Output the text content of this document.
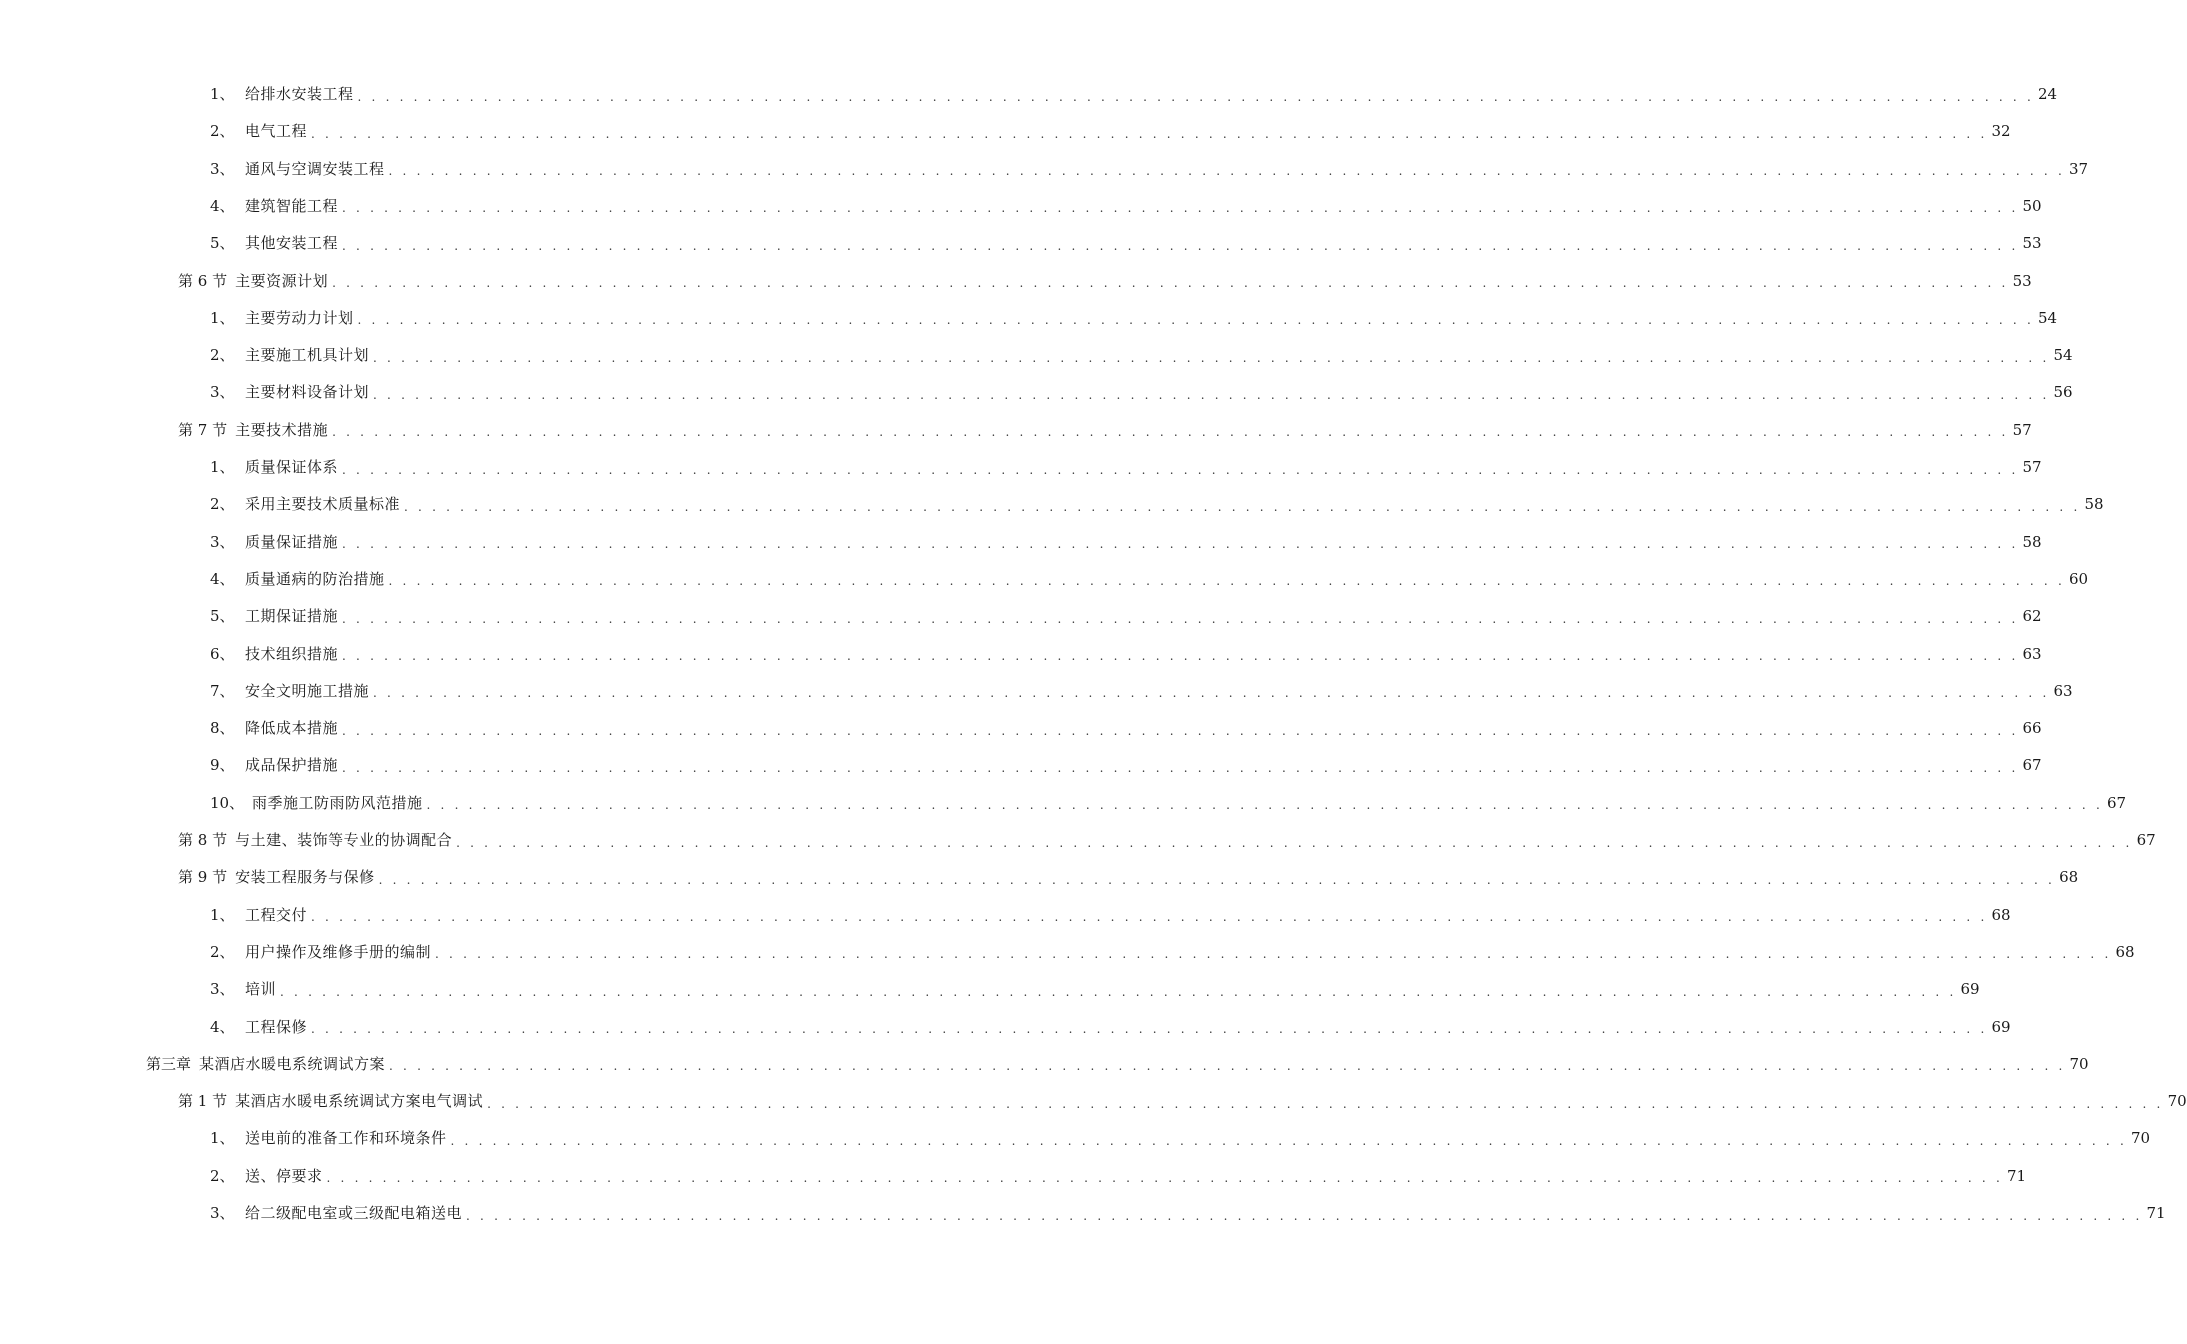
1、 给排水安装工程 . . . . . . . . . . . . . . . . . . . . . . . . . . . . . . . . . . . . . . . . . . . . . . . . . . . . . . . . . . . . . . . . . . . . . . . . . . . . . . . . . . . . . . . . . . . . . . . . . . . . . . . . . . . . . . . . . . . . . . . . 24
2、 电气工程 . . . . . . . . . . . . . . . . . . . . . . . . . . . . . . . . . . . . . . . . . . . . . . . . . . . . . . . . . . . . . . . . . . . . . . . . . . . . . . . . . . . . . . . . . . . . . . . . . . . . . . . . . . . . . . . . . . . . . . . . 32
3、 通风与空调安装工程 . . . . . . . . . . . . . . . . . . . . . . . . . . . . . . . . . . . . . . . . . . . . . . . . . . . . . . . . . . . . . . . . . . . . . . . . . . . . . . . . . . . . . . . . . . . . . . . . . . . . . . . . . . . . . . . . . . . . . . . . 37
4、 建筑智能工程 . . . . . . . . . . . . . . . . . . . . . . . . . . . . . . . . . . . . . . . . . . . . . . . . . . . . . . . . . . . . . . . . . . . . . . . . . . . . . . . . . . . . . . . . . . . . . . . . . . . . . . . . . . . . . . . . . . . . . . . . 50
5、 其他安装工程 . . . . . . . . . . . . . . . . . . . . . . . . . . . . . . . . . . . . . . . . . . . . . . . . . . . . . . . . . . . . . . . . . . . . . . . . . . . . . . . . . . . . . . . . . . . . . . . . . . . . . . . . . . . . . . . . . . . . . . . . 53
第 6 节 主要资源计划 . . . . . . . . . . . . . . . . . . . . . . . . . . . . . . . . . . . . . . . . . . . . . . . . . . . . . . . . . . . . . . . . . . . . . . . . . . . . . . . . . . . . . . . . . . . . . . . . . . . . . . . . . . . . . . . . . . . . . . . . 53
1、 主要劳动力计划 . . . . . . . . . . . . . . . . . . . . . . . . . . . . . . . . . . . . . . . . . . . . . . . . . . . . . . . . . . . . . . . . . . . . . . . . . . . . . . . . . . . . . . . . . . . . . . . . . . . . . . . . . . . . . . . . . . . . . . . . 54
2、 主要施工机具计划 . . . . . . . . . . . . . . . . . . . . . . . . . . . . . . . . . . . . . . . . . . . . . . . . . . . . . . . . . . . . . . . . . . . . . . . . . . . . . . . . . . . . . . . . . . . . . . . . . . . . . . . . . . . . . . . . . . . . . . . . 54
3、 主要材料设备计划 . . . . . . . . . . . . . . . . . . . . . . . . . . . . . . . . . . . . . . . . . . . . . . . . . . . . . . . . . . . . . . . . . . . . . . . . . . . . . . . . . . . . . . . . . . . . . . . . . . . . . . . . . . . . . . . . . . . . . . . . 56
第 7 节 主要技术措施 . . . . . . . . . . . . . . . . . . . . . . . . . . . . . . . . . . . . . . . . . . . . . . . . . . . . . . . . . . . . . . . . . . . . . . . . . . . . . . . . . . . . . . . . . . . . . . . . . . . . . . . . . . . . . . . . . . . . . . . . 57
1、 质量保证体系 . . . . . . . . . . . . . . . . . . . . . . . . . . . . . . . . . . . . . . . . . . . . . . . . . . . . . . . . . . . . . . . . . . . . . . . . . . . . . . . . . . . . . . . . . . . . . . . . . . . . . . . . . . . . . . . . . . . . . . . . 57
2、 采用主要技术质量标准 . . . . . . . . . . . . . . . . . . . . . . . . . . . . . . . . . . . . . . . . . . . . . . . . . . . . . . . . . . . . . . . . . . . . . . . . . . . . . . . . . . . . . . . . . . . . . . . . . . . . . . . . . . . . . . . . . . . . . . . . 58
3、 质量保证措施 . . . . . . . . . . . . . . . . . . . . . . . . . . . . . . . . . . . . . . . . . . . . . . . . . . . . . . . . . . . . . . . . . . . . . . . . . . . . . . . . . . . . . . . . . . . . . . . . . . . . . . . . . . . . . . . . . . . . . . . . 58
4、 质量通病的防治措施 . . . . . . . . . . . . . . . . . . . . . . . . . . . . . . . . . . . . . . . . . . . . . . . . . . . . . . . . . . . . . . . . . . . . . . . . . . . . . . . . . . . . . . . . . . . . . . . . . . . . . . . . . . . . . . . . . . . . . . . . 60
5、 工期保证措施 . . . . . . . . . . . . . . . . . . . . . . . . . . . . . . . . . . . . . . . . . . . . . . . . . . . . . . . . . . . . . . . . . . . . . . . . . . . . . . . . . . . . . . . . . . . . . . . . . . . . . . . . . . . . . . . . . . . . . . . . 62
6、 技术组织措施 . . . . . . . . . . . . . . . . . . . . . . . . . . . . . . . . . . . . . . . . . . . . . . . . . . . . . . . . . . . . . . . . . . . . . . . . . . . . . . . . . . . . . . . . . . . . . . . . . . . . . . . . . . . . . . . . . . . . . . . . 63
7、 安全文明施工措施 . . . . . . . . . . . . . . . . . . . . . . . . . . . . . . . . . . . . . . . . . . . . . . . . . . . . . . . . . . . . . . . . . . . . . . . . . . . . . . . . . . . . . . . . . . . . . . . . . . . . . . . . . . . . . . . . . . . . . . . . 63
8、 降低成本措施 . . . . . . . . . . . . . . . . . . . . . . . . . . . . . . . . . . . . . . . . . . . . . . . . . . . . . . . . . . . . . . . . . . . . . . . . . . . . . . . . . . . . . . . . . . . . . . . . . . . . . . . . . . . . . . . . . . . . . . . . 66
9、 成品保护措施 . . . . . . . . . . . . . . . . . . . . . . . . . . . . . . . . . . . . . . . . . . . . . . . . . . . . . . . . . . . . . . . . . . . . . . . . . . . . . . . . . . . . . . . . . . . . . . . . . . . . . . . . . . . . . . . . . . . . . . . . 67
10、 雨季施工防雨防风范措施 . . . . . . . . . . . . . . . . . . . . . . . . . . . . . . . . . . . . . . . . . . . . . . . . . . . . . . . . . . . . . . . . . . . . . . . . . . . . . . . . . . . . . . . . . . . . . . . . . . . . . . . . . . . . . . . . . . . . . . . . 67
第 8 节 与土建、装饰等专业的协调配合 . . . . . . . . . . . . . . . . . . . . . . . . . . . . . . . . . . . . . . . . . . . . . . . . . . . . . . . . . . . . . . . . . . . . . . . . . . . . . . . . . . . . . . . . . . . . . . . . . . . . . . . . . . . . . . . . . . . . . . . . 67
第 9 节 安装工程服务与保修 . . . . . . . . . . . . . . . . . . . . . . . . . . . . . . . . . . . . . . . . . . . . . . . . . . . . . . . . . . . . . . . . . . . . . . . . . . . . . . . . . . . . . . . . . . . . . . . . . . . . . . . . . . . . . . . . . . . . . . . . 68
1、 工程交付 . . . . . . . . . . . . . . . . . . . . . . . . . . . . . . . . . . . . . . . . . . . . . . . . . . . . . . . . . . . . . . . . . . . . . . . . . . . . . . . . . . . . . . . . . . . . . . . . . . . . . . . . . . . . . . . . . . . . . . . . 68
2、 用户操作及维修手册的编制 . . . . . . . . . . . . . . . . . . . . . . . . . . . . . . . . . . . . . . . . . . . . . . . . . . . . . . . . . . . . . . . . . . . . . . . . . . . . . . . . . . . . . . . . . . . . . . . . . . . . . . . . . . . . . . . . . . . . . . . . 68
3、 培训 . . . . . . . . . . . . . . . . . . . . . . . . . . . . . . . . . . . . . . . . . . . . . . . . . . . . . . . . . . . . . . . . . . . . . . . . . . . . . . . . . . . . . . . . . . . . . . . . . . . . . . . . . . . . . . . . . . . . . . . . 69
4、 工程保修 . . . . . . . . . . . . . . . . . . . . . . . . . . . . . . . . . . . . . . . . . . . . . . . . . . . . . . . . . . . . . . . . . . . . . . . . . . . . . . . . . . . . . . . . . . . . . . . . . . . . . . . . . . . . . . . . . . . . . . . . 69
第三章 某酒店水暖电系统调试方案 . . . . . . . . . . . . . . . . . . . . . . . . . . . . . . . . . . . . . . . . . . . . . . . . . . . . . . . . . . . . . . . . . . . . . . . . . . . . . . . . . . . . . . . . . . . . . . . . . . . . . . . . . . . . . . . . . . . . . . . . 70
第 1 节 某酒店水暖电系统调试方案电气调试 . . . . . . . . . . . . . . . . . . . . . . . . . . . . . . . . . . . . . . . . . . . . . . . . . . . . . . . . . . . . . . . . . . . . . . . . . . . . . . . . . . . . . . . . . . . . . . . . . . . . . . . . . . . . . . . . . . . . . . . . 70
1、 送电前的准备工作和环境条件 . . . . . . . . . . . . . . . . . . . . . . . . . . . . . . . . . . . . . . . . . . . . . . . . . . . . . . . . . . . . . . . . . . . . . . . . . . . . . . . . . . . . . . . . . . . . . . . . . . . . . . . . . . . . . . . . . . . . . . . . 70
2、 送、停要求 . . . . . . . . . . . . . . . . . . . . . . . . . . . . . . . . . . . . . . . . . . . . . . . . . . . . . . . . . . . . . . . . . . . . . . . . . . . . . . . . . . . . . . . . . . . . . . . . . . . . . . . . . . . . . . . . . . . . . . . . 71
3、 给二级配电室或三级配电箱送电 . . . . . . . . . . . . . . . . . . . . . . . . . . . . . . . . . . . . . . . . . . . . . . . . . . . . . . . . . . . . . . . . . . . . . . . . . . . . . . . . . . . . . . . . . . . . . . . . . . . . . . . . . . . . . . . . . . . . . . . . 71
